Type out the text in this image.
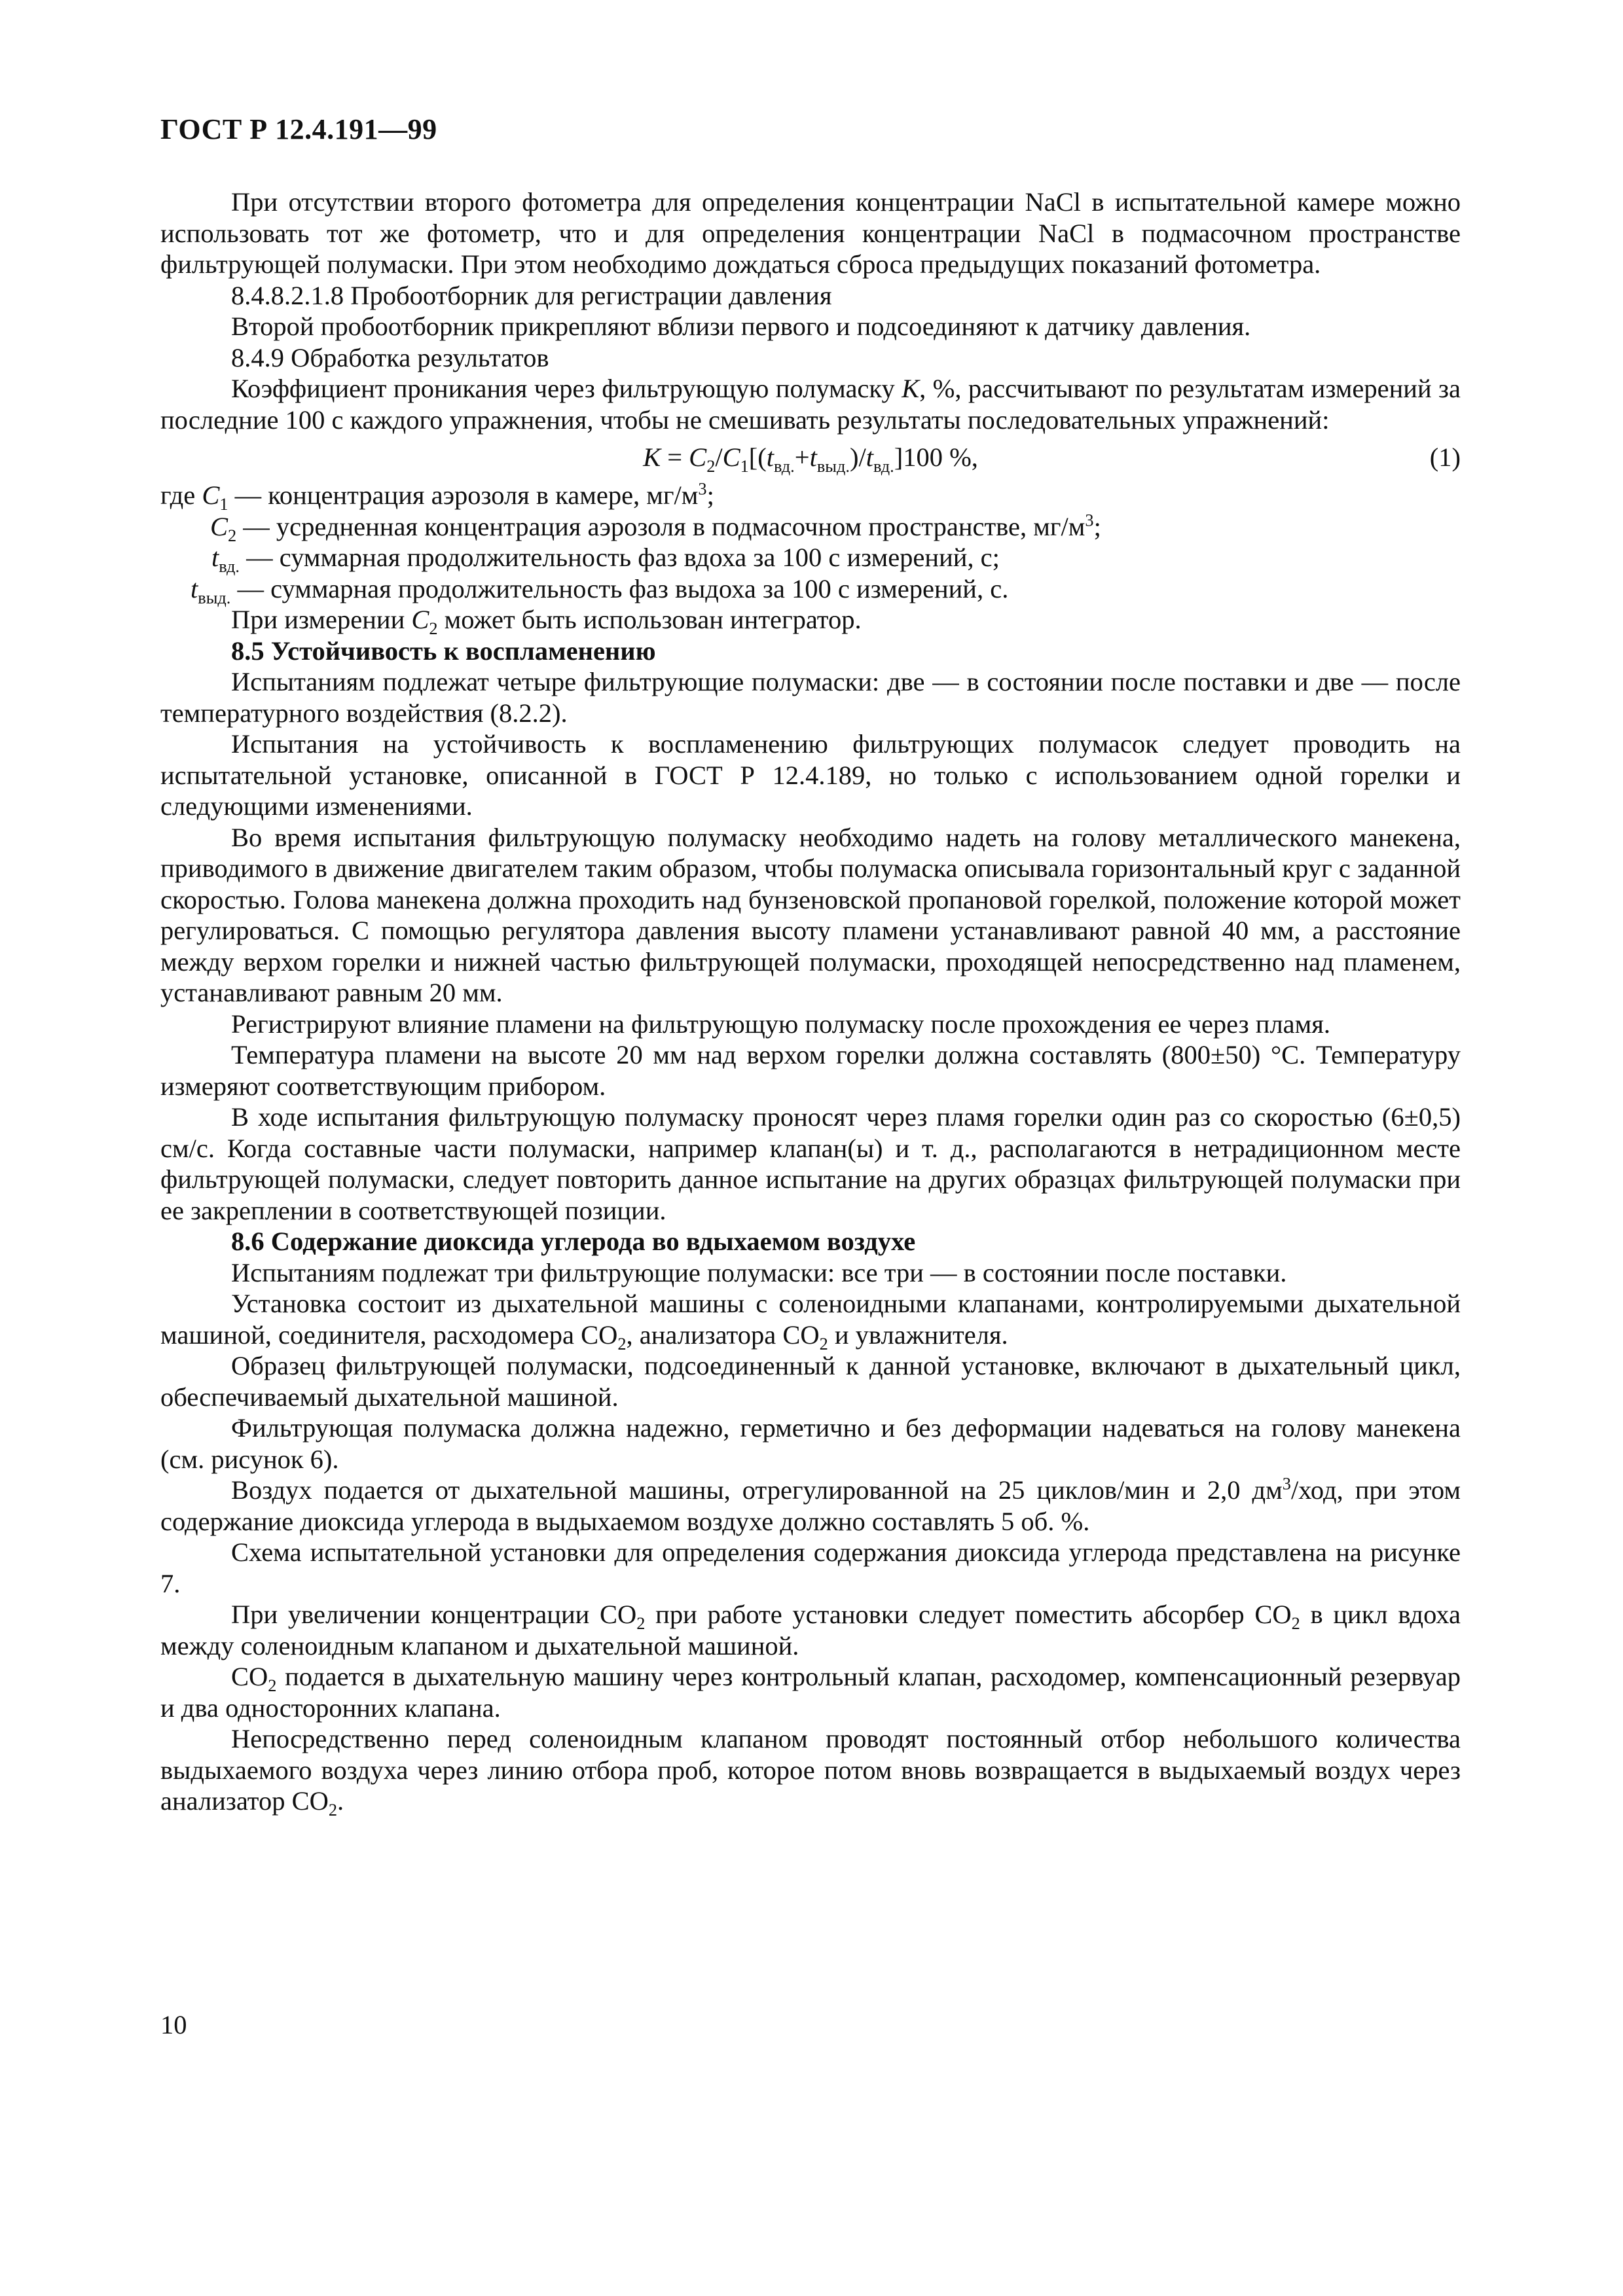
ГОСТ Р 12.4.191—99

При отсутствии второго фотометра для определения концентрации NaCl в испытательной камере можно использовать тот же фотометр, что и для определения концентрации NaCl в подмасочном пространстве фильтрующей полумаски. При этом необходимо дождаться сброса предыдущих показаний фотометра.

8.4.8.2.1.8 Пробоотборник для регистрации давления

Второй пробоотборник прикрепляют вблизи первого и подсоединяют к датчику давления.

8.4.9 Обработка результатов

Коэффициент проникания через фильтрующую полумаску K, %, рассчитывают по результатам измерений за последние 100 с каждого упражнения, чтобы не смешивать результаты последовательных упражнений:

$K = C_2/C_1[(t_{вд.}+t_{выд.})/t_{вд.}]100$ %,	(1)

где $C_1$ — концентрация аэрозоля в камере, $мг/м^3$;

$C_2$ — усредненная концентрация аэрозоля в подмасочном пространстве, $мг/м^3$;

$t_{вд.}$ — суммарная продолжительность фаз вдоха за 100 с измерений, с;

$t_{выд.}$ — суммарная продолжительность фаз выдоха за 100 с измерений, с.

При измерении $C_2$ может быть использован интегратор.

8.5 Устойчивость к воспламенению

Испытаниям подлежат четыре фильтрующие полумаски: две — в состоянии после поставки и две — после температурного воздействия (8.2.2).

Испытания на устойчивость к воспламенению фильтрующих полумасок следует проводить на испытательной установке, описанной в ГОСТ Р 12.4.189, но только с использованием одной горелки и следующими изменениями.

Во время испытания фильтрующую полумаску необходимо надеть на голову металлического манекена, приводимого в движение двигателем таким образом, чтобы полумаска описывала горизонтальный круг с заданной скоростью. Голова манекена должна проходить над бунзеновской пропановой горелкой, положение которой может регулироваться. С помощью регулятора давления высоту пламени устанавливают равной 40 мм, а расстояние между верхом горелки и нижней частью фильтрующей полумаски, проходящей непосредственно над пламенем, устанавливают равным 20 мм.

Регистрируют влияние пламени на фильтрующую полумаску после прохождения ее через пламя.

Температура пламени на высоте 20 мм над верхом горелки должна составлять (800±50) °С. Температуру измеряют соответствующим прибором.

В ходе испытания фильтрующую полумаску проносят через пламя горелки один раз со скоростью (6±0,5) см/с. Когда составные части полумаски, например клапан(ы) и т. д., располагаются в нетрадиционном месте фильтрующей полумаски, следует повторить данное испытание на других образцах фильтрующей полумаски при ее закреплении в соответствующей позиции.

8.6 Содержание диоксида углерода во вдыхаемом воздухе

Испытаниям подлежат три фильтрующие полумаски: все три — в состоянии после поставки.

Установка состоит из дыхательной машины с соленоидными клапанами, контролируемыми дыхательной машиной, соединителя, расходомера $СО_2$, анализатора $СО_2$ и увлажнителя.

Образец фильтрующей полумаски, подсоединенный к данной установке, включают в дыхательный цикл, обеспечиваемый дыхательной машиной.

Фильтрующая полумаска должна надежно, герметично и без деформации надеваться на голову манекена (см. рисунок 6).

Воздух подается от дыхательной машины, отрегулированной на 25 циклов/мин и 2,0 $дм^3$/ход, при этом содержание диоксида углерода в выдыхаемом воздухе должно составлять 5 об. %.

Схема испытательной установки для определения содержания диоксида углерода представлена на рисунке 7.

При увеличении концентрации $СО_2$ при работе установки следует поместить абсорбер $СО_2$ в цикл вдоха между соленоидным клапаном и дыхательной машиной.

$СО_2$ подается в дыхательную машину через контрольный клапан, расходомер, компенсационный резервуар и два односторонних клапана.

Непосредственно перед соленоидным клапаном проводят постоянный отбор небольшого количества выдыхаемого воздуха через линию отбора проб, которое потом вновь возвращается в выдыхаемый воздух через анализатор $СО_2$.

10
